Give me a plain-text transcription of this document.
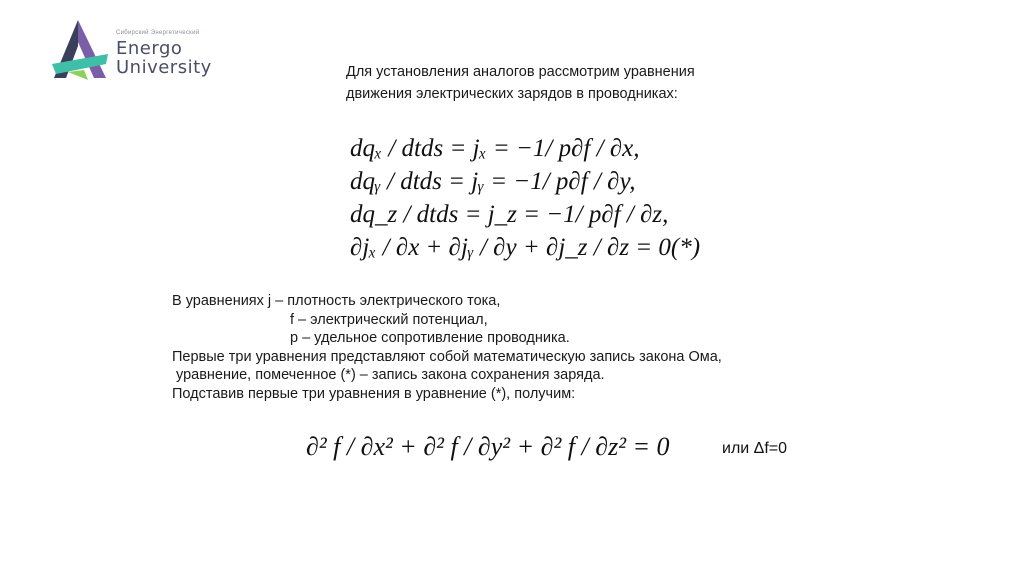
Сибирский Энергетический
Energo
University	Для установления аналогов рассмотрим уравнения
движения электрических зарядов в проводниках:
dqₓ / dtds = jₓ = −1/ p∂f / ∂x,
dqᵧ / dtds = jᵧ = −1/ p∂f / ∂y,
dq_z / dtds = j_z = −1/ p∂f / ∂z,
∂jₓ / ∂x + ∂jᵧ / ∂y + ∂j_z / ∂z = 0(*)
В уравнениях j – плотность электрического тока,
f – электрический потенциал,
p – удельное сопротивление проводника.
Первые три уравнения представляют собой математическую запись закона Ома,
уравнение, помеченное (*) – запись закона сохранения заряда.
Подставив первые три уравнения в уравнение (*), получим:
∂² f / ∂x² + ∂² f / ∂y² + ∂² f / ∂z² = 0	или Δf=0
